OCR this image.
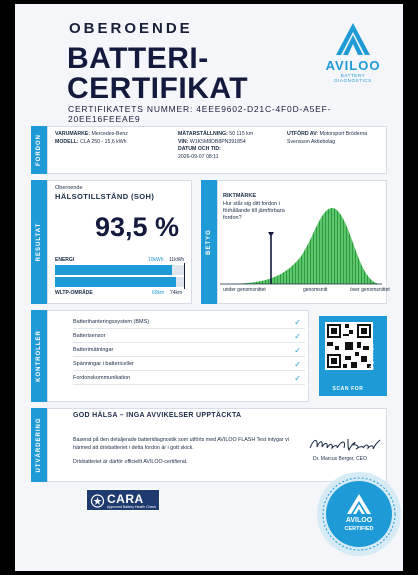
OBEROENDE
BATTERI-
CERTIFIKAT
CERTIFIKATETS NUMMER: 4EEE9602-D21C-4F0D-A5EF-20EE16FEEAE9
AVILOO
BATTERY DIAGNOSTICS
FORDON	VARUMÄRKE: Mercedes-Benz
MODELL: CLA 250 - 15,6 kWh
MÄTARSTÄLLNING: 50 115 km
VIN: W1K5M8DB8PN391854
DATUM OCH TID:
2026-09-07 08:11
UTFÖRD AV: Motorsport Bröderna Svensson Aktiebolag
RESULTAT
Oberoende
HÄLSOTILLSTÅND (SOH)
93,5 %
ENERGI	10kWh 11kWh
WLTP-OMRÅDE	69km 74km
BETYG
RIKTMÄRKE
Hur står sig ditt fordon i förhållande till jämförbara fordon?
under genomsnittet	genomsnitt	över genomsnittet
KONTROLLER
Batterihanteringssystem (BMS)	✓
Batterisensor	✓
Batterimätningar	✓
Spänningar i battericeller	✓
Fordonskommunikation	✓
SCAN FOR
DETALJ
UTVÄRDERING
GOD HÄLSA – INGA AVVIKELSER UPPTÄCKTA
Baserat på den detaljerade batteridiagnostik som utförts med AVILOO FLASH Test intygar vi härmed att drivbatteriet i detta fordon är i gott skick.
Drivbatteriet är därför officiellt AVILOO-certifierat.	Dr. Marcus Berger, CEO
CARA
Approved Battery Health Check
AVILOO
CERTIFIED
